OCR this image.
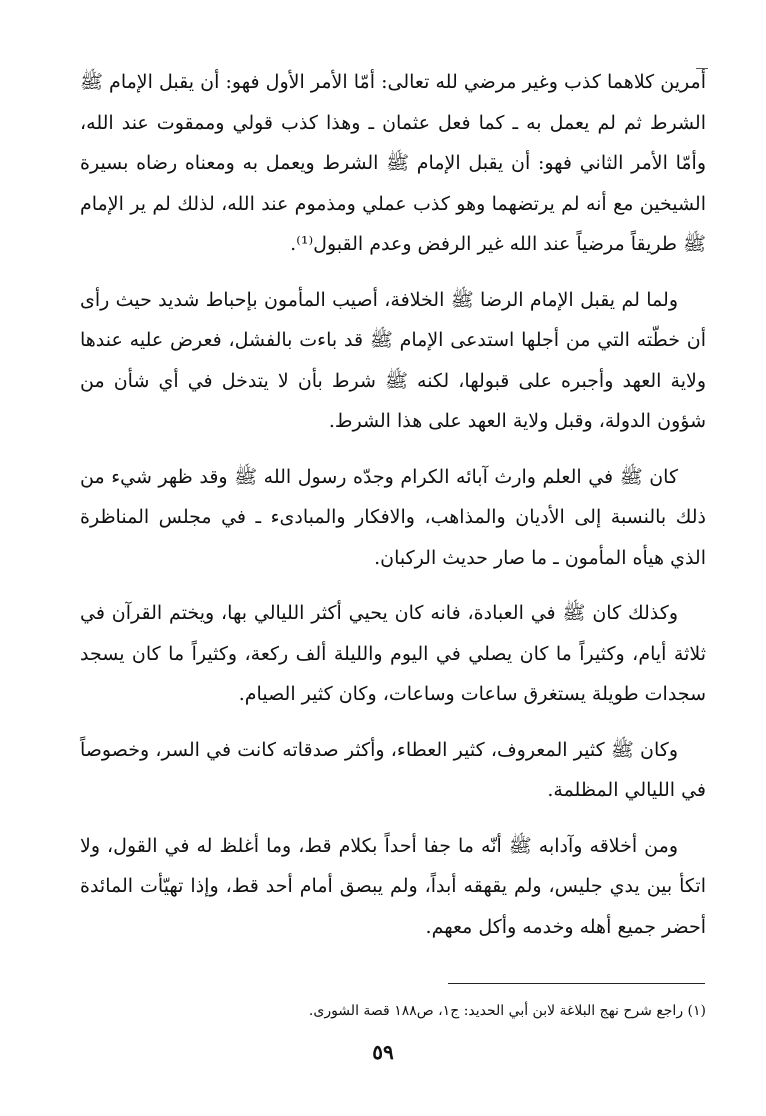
أمرين كلاهما كذب وغير مرضي لله تعالى: أمّا الأمر الأول فهو: أن يقبل الإمام ﷺ الشرط ثم لم يعمل به ـ كما فعل عثمان ـ وهذا كذب قولي وممقوت عند الله، وأمّا الأمر الثاني فهو: أن يقبل الإمام ﷺ الشرط ويعمل به ومعناه رضاه بسيرة الشيخين مع أنه لم يرتضهما وهو كذب عملي ومذموم عند الله، لذلك لم ير الإمام ﷺ طريقاً مرضياً عند الله غير الرفض وعدم القبول⁽¹⁾.

ولما لم يقبل الإمام الرضا ﷺ الخلافة، أصيب المأمون بإحباط شديد حيث رأى أن خطّته التي من أجلها استدعى الإمام ﷺ قد باءت بالفشل، فعرض عليه عندها ولاية العهد وأجبره على قبولها، لكنه ﷺ شرط بأن لا يتدخل في أي شأن من شؤون الدولة، وقبل ولاية العهد على هذا الشرط.

كان ﷺ في العلم وارث آبائه الكرام وجدّه رسول الله ﷺ وقد ظهر شيء من ذلك بالنسبة إلى الأديان والمذاهب، والافكار والمبادىء ـ في مجلس المناظرة الذي هيأه المأمون ـ ما صار حديث الركبان.

وكذلك كان ﷺ في العبادة، فانه كان يحيي أكثر الليالي بها، ويختم القرآن في ثلاثة أيام، وكثيراً ما كان يصلي في اليوم والليلة ألف ركعة، وكثيراً ما كان يسجد سجدات طويلة يستغرق ساعات وساعات، وكان كثير الصيام.

وكان ﷺ كثير المعروف، كثير العطاء، وأكثر صدقاته كانت في السر، وخصوصاً في الليالي المظلمة.

ومن أخلاقه وآدابه ﷺ أنّه ما جفا أحداً بكلام قط، وما أغلظ له في القول، ولا اتكأ بين يدي جليس، ولم يقهقه أبداً، ولم يبصق أمام أحد قط، وإذا تهيّأت المائدة أحضر جميع أهله وخدمه وأكل معهم.

(١) راجع شرح نهج البلاغة لابن أبي الحديد: ج١، ص١٨٨ قصة الشورى.
٥٩
